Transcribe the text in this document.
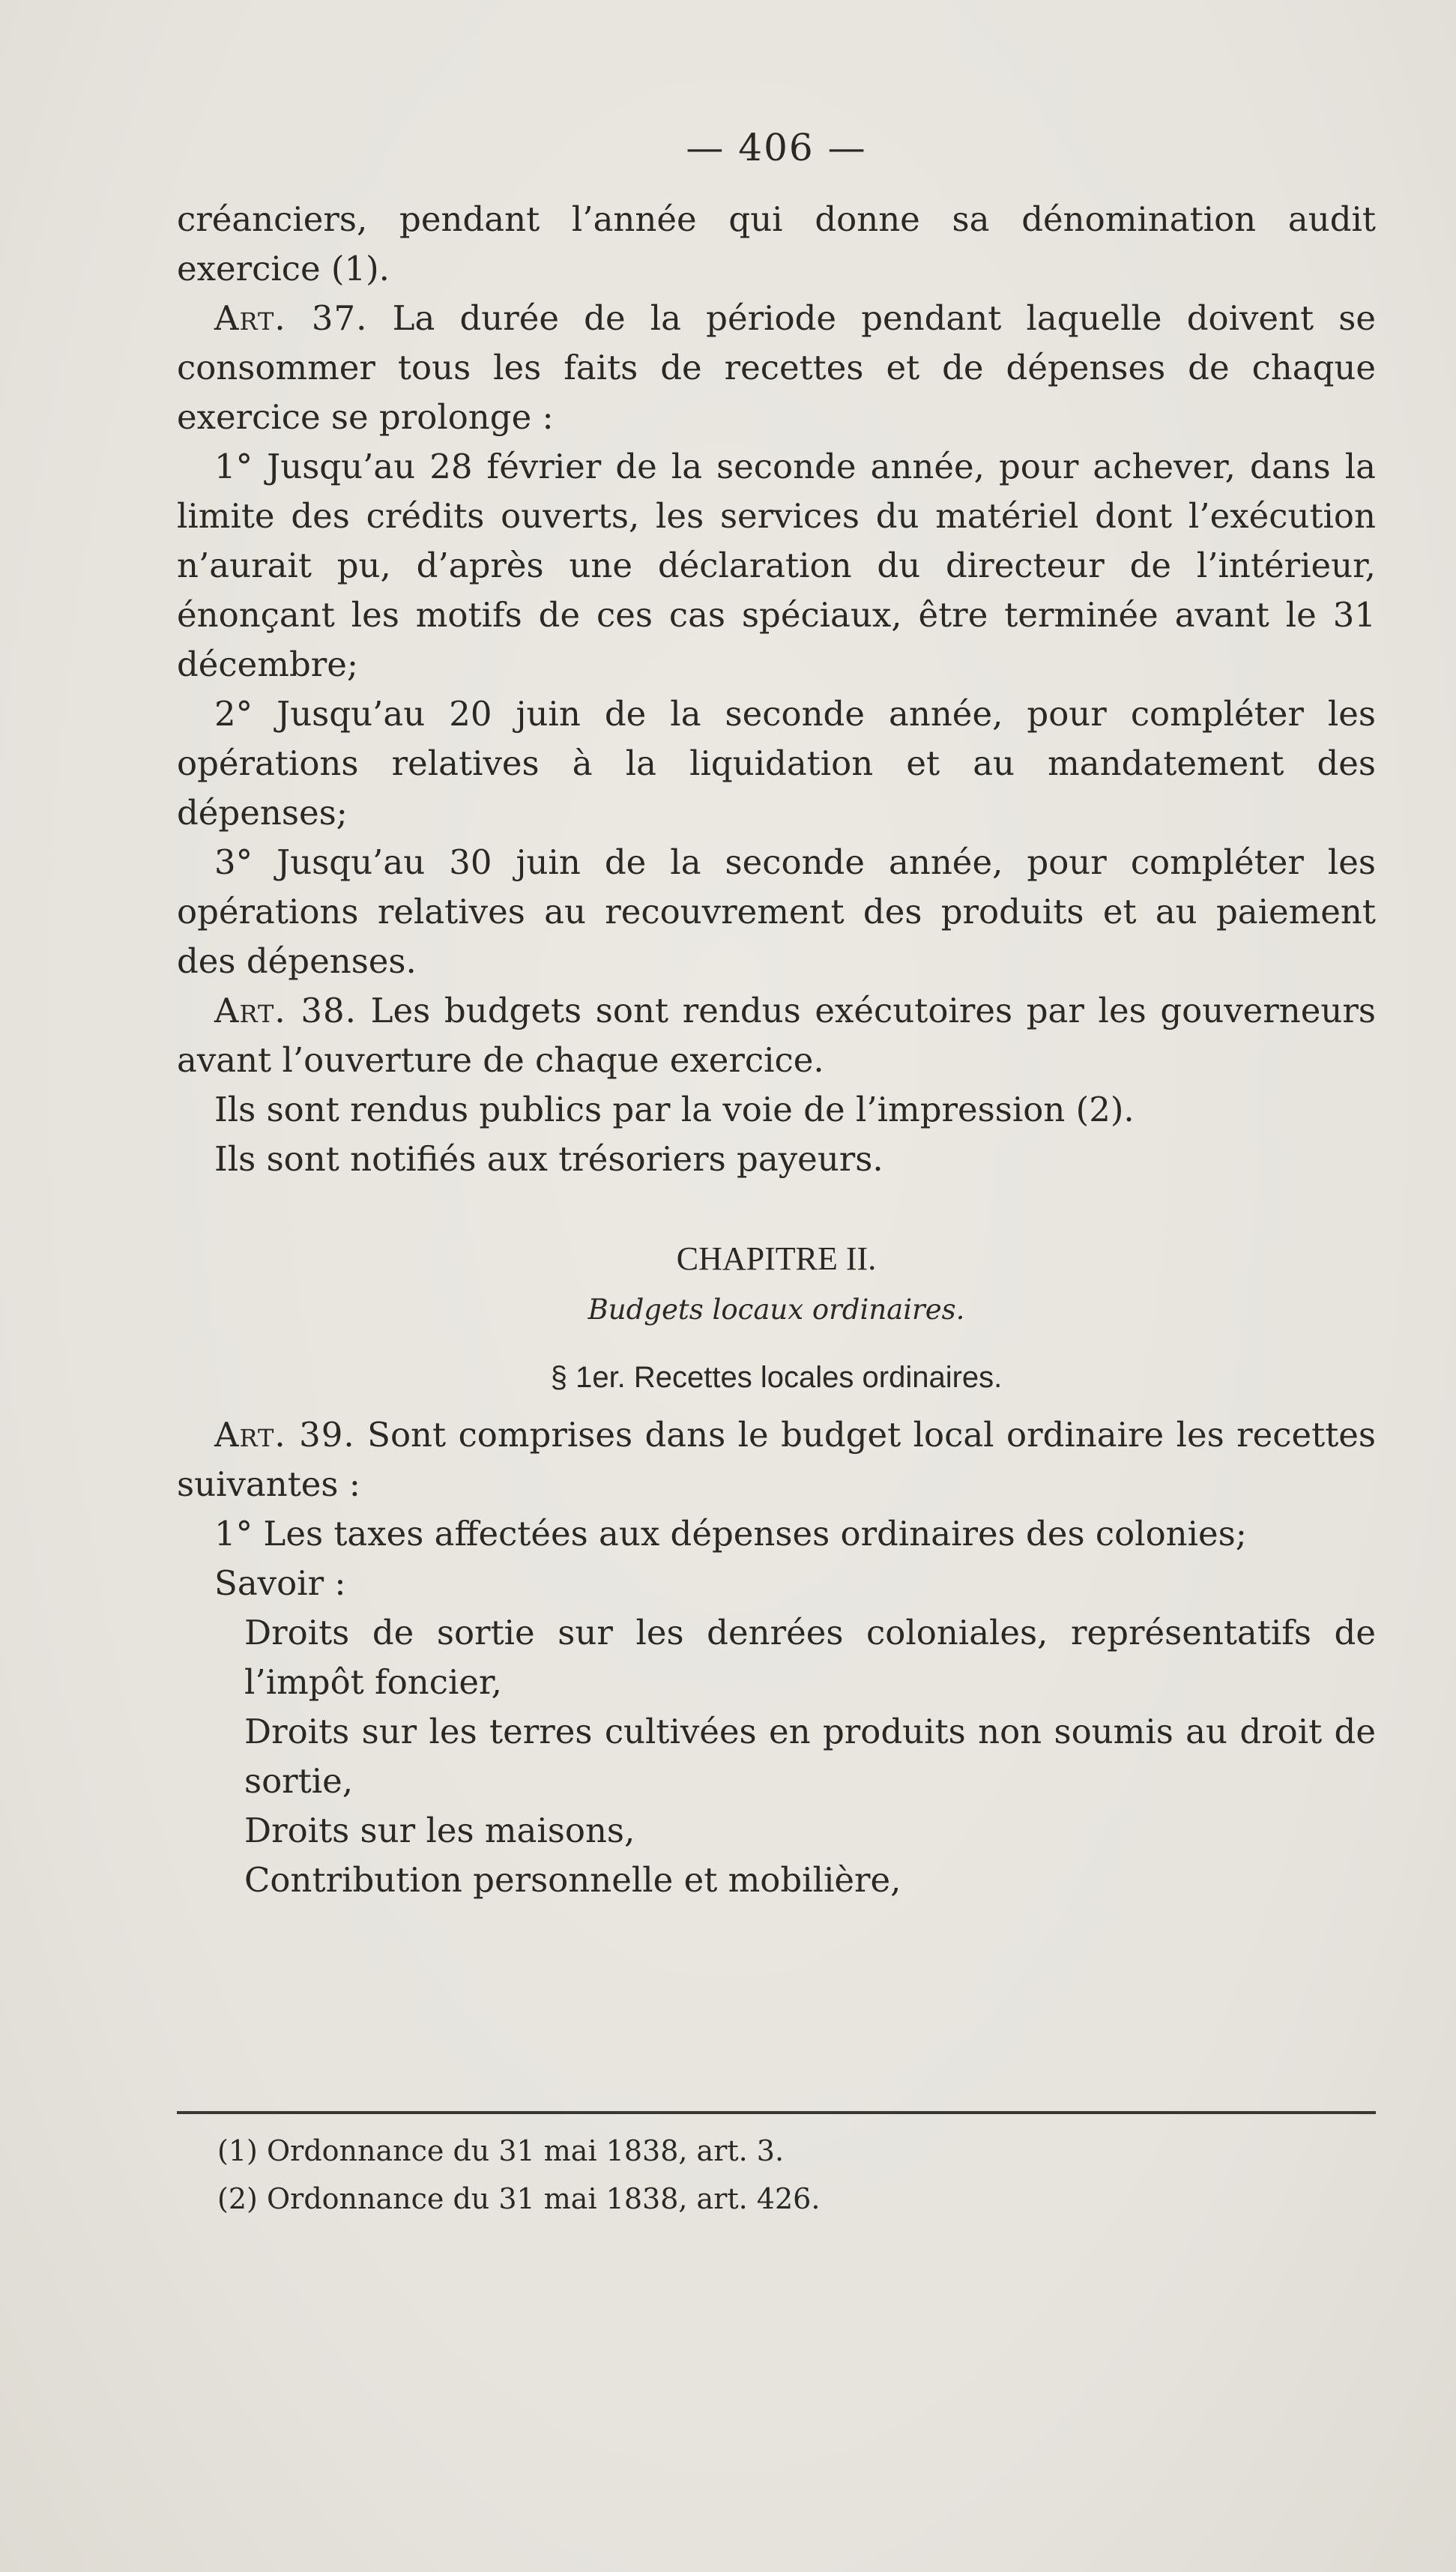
— 406 —

créanciers, pendant l’année qui donne sa dénomination audit exercice (1).

Art. 37. La durée de la période pendant laquelle doivent se consommer tous les faits de recettes et de dépenses de chaque exercice se prolonge :

1° Jusqu’au 28 février de la seconde année, pour achever, dans la limite des crédits ouverts, les services du matériel dont l’exécution n’aurait pu, d’après une déclaration du directeur de l’intérieur, énonçant les motifs de ces cas spéciaux, être terminée avant le 31 décembre;

2° Jusqu’au 20 juin de la seconde année, pour compléter les opérations relatives à la liquidation et au mandatement des dépenses;

3° Jusqu’au 30 juin de la seconde année, pour compléter les opérations relatives au recouvrement des produits et au paiement des dépenses.

Art. 38. Les budgets sont rendus exécutoires par les gouverneurs avant l’ouverture de chaque exercice.

Ils sont rendus publics par la voie de l’impression (2).

Ils sont notifiés aux trésoriers payeurs.

CHAPITRE II.

Budgets locaux ordinaires.

§ 1er. Recettes locales ordinaires.

Art. 39. Sont comprises dans le budget local ordinaire les recettes suivantes :

1° Les taxes affectées aux dépenses ordinaires des colonies;

Savoir :

Droits de sortie sur les denrées coloniales, représentatifs de l’impôt foncier,

Droits sur les terres cultivées en produits non soumis au droit de sortie,

Droits sur les maisons,

Contribution personnelle et mobilière,

(1) Ordonnance du 31 mai 1838, art. 3.

(2) Ordonnance du 31 mai 1838, art. 426.
